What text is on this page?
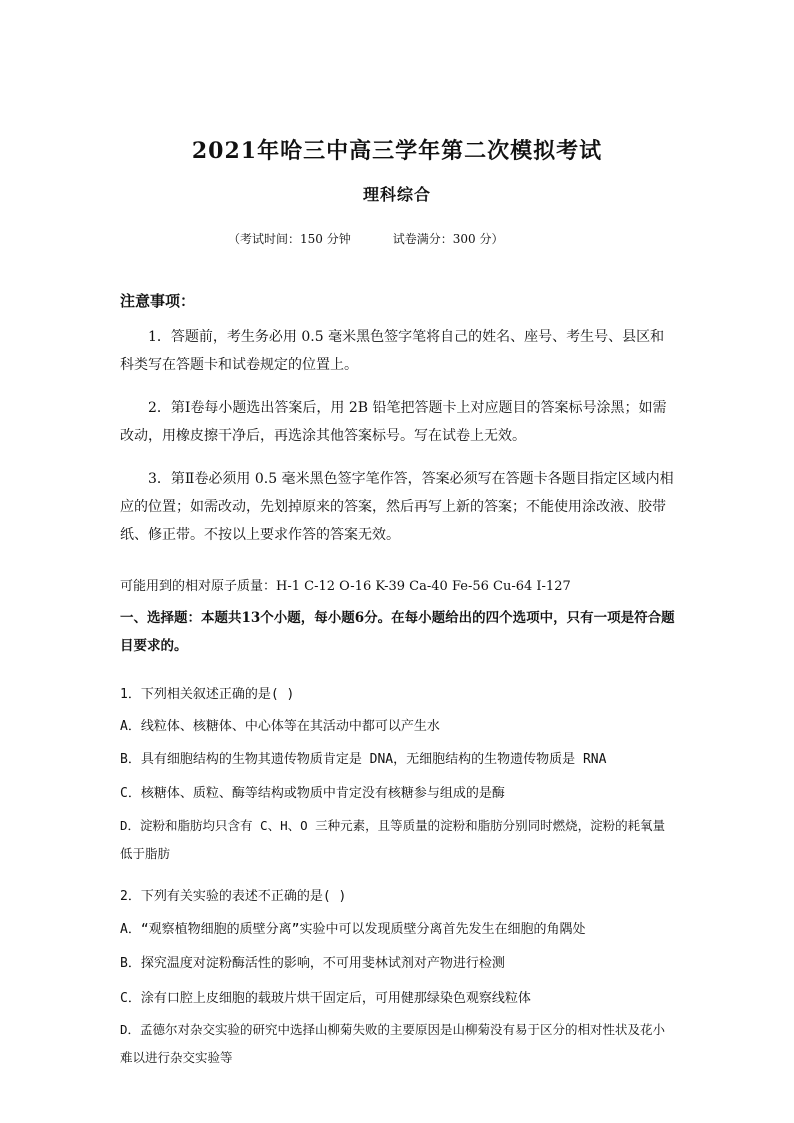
2021年哈三中高三学年第二次模拟考试
理科综合
（考试时间：150 分钟	试卷满分：300 分）
注意事项：
1．答题前，考生务必用 0.5 毫米黑色签字笔将自己的姓名、座号、考生号、县区和科类写在答题卡和试卷规定的位置上。
2．第Ⅰ卷每小题选出答案后，用 2B 铅笔把答题卡上对应题目的答案标号涂黑；如需改动，用橡皮擦干净后，再选涂其他答案标号。写在试卷上无效。
3．第Ⅱ卷必须用 0.5 毫米黑色签字笔作答，答案必须写在答题卡各题目指定区域内相应的位置；如需改动，先划掉原来的答案，然后再写上新的答案；不能使用涂改液、胶带纸、修正带。不按以上要求作答的答案无效。
可能用到的相对原子质量：H-1 C-12 O-16 K-39 Ca-40 Fe-56 Cu-64 I-127
一、选择题：本题共13个小题，每小题6分。在每小题给出的四个选项中，只有一项是符合题目要求的。
1．下列相关叙述正确的是( )
A．线粒体、核糖体、中心体等在其活动中都可以产生水
B．具有细胞结构的生物其遗传物质肯定是 DNA，无细胞结构的生物遗传物质是 RNA
C．核糖体、质粒、酶等结构或物质中肯定没有核糖参与组成的是酶
D．淀粉和脂肪均只含有 C、H、O 三种元素，且等质量的淀粉和脂肪分别同时燃烧，淀粉的耗氧量低于脂肪
2．下列有关实验的表述不正确的是( )
A．“观察植物细胞的质壁分离”实验中可以发现质壁分离首先发生在细胞的角隅处
B．探究温度对淀粉酶活性的影响，不可用斐林试剂对产物进行检测
C．涂有口腔上皮细胞的载玻片烘干固定后，可用健那绿染色观察线粒体
D．孟德尔对杂交实验的研究中选择山柳菊失败的主要原因是山柳菊没有易于区分的相对性状及花小难以进行杂交实验等
